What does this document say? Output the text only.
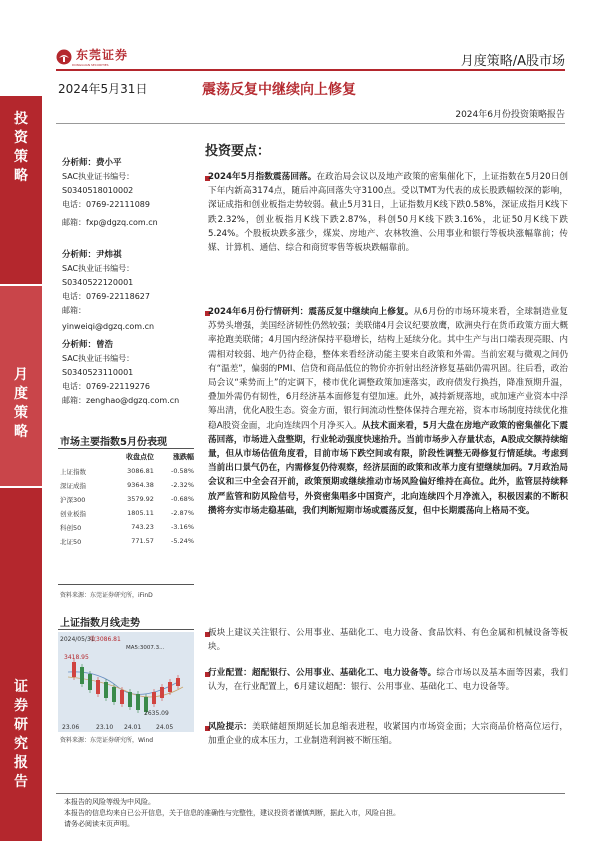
投资策略
月度策略
证券研究报告
东莞证券
DONGGUAN SECURITIES	月度策略/A股市场
2024年5月31日	震荡反复中继续向上修复
2024年6月份投资策略报告
分析师：费小平
SAC执业证书编号：
S0340518010002
电话：0769-22111089
邮箱：fxp@dgzq.com.cn
分析师：尹炜祺
SAC执业证书编号：
S0340522120001
电话：0769-22118627
邮箱：
yinweiqi@dgzq.com.cn
分析师：曾浩
SAC执业证书编号：
S0340523110001
电话：0769-22119276
邮箱：zenghao@dgzq.com.cn
市场主要指数5月份表现
	收盘点位	涨跌幅
上证指数	3086.81	-0.58%
深证成指	9364.38	-2.32%
沪深300	3579.92	-0.68%
创业板指	1805.11	-2.87%
科创50	743.23	-3.16%
北证50	771.57	-5.24%
资料来源：东莞证券研究所，iFinD
上证指数月线走势
2024/05/31
收3086.81
MA5:3007.3...
3418.95
2635.09
23.06	23.10 24.01 24.05
资料来源：东莞证券研究所，Wind
投资要点：
2024年5月指数震荡回落。在政治局会议以及地产政策的密集催化下，上证指数在5月20日创下年内新高3174点，随后冲高回落失守3100点。受以TMT为代表的成长股跌幅较深的影响，深证成指和创业板指走势较弱。截止5月31日，上证指数月K线下跌0.58%，深证成指月K线下跌2.32%，创业板指月K线下跌2.87%，科创50月K线下跌3.16%，北证50月K线下跌5.24%。个股板块跌多涨少，煤炭、房地产、农林牧渔、公用事业和银行等板块涨幅靠前；传媒、计算机、通信、综合和商贸零售等板块跌幅靠前。
2024年6月份行情研判：震荡反复中继续向上修复。从6月份的市场环境来看，全球制造业复苏势头增强，美国经济韧性仍然较强；美联储4月会议纪要放鹰，欧洲央行在货币政策方面大概率抢跑美联储；4月国内经济保持平稳增长，结构上延续分化。其中生产与出口端表现亮眼、内需相对较弱、地产仍待企稳，整体来看经济动能主要来自政策和外需。当前宏观与微观之间仍有“温差”，偏弱的PMI、信贷和商品低位的物价亦折射出经济修复基础仍需巩固。往后看，政治局会议“乘势而上”的定调下，楼市优化调整政策加速落实，政府债发行换挡，降准预期升温，叠加外需仍有韧性，6月经济基本面修复有望加速。此外，减持新规落地，或加速产业资本中浮筹出清，优化A股生态。资金方面，银行间流动性整体保持合理充裕，资本市场制度持续优化推稳A股资金面，北向连续四个月净买入。从技术面来看，5月大盘在房地产政策的密集催化下震荡回落，市场进入盘整期，行业轮动强度快速抬升。当前市场步入存量状态，A股成交额持续缩量，但从市场估值角度看，目前市场下跌空间或有限，阶段性调整无碍修复行情延续。考虑到当前出口景气仍在，内需修复仍待观察，经济层面的政策和改革力度有望继续加码。7月政治局会议和三中全会召开前，政策预期或继续推动市场风险偏好维持在高位。此外，监管层持续释放严监管和防风险信号，外资密集唱多中国资产，北向连续四个月净流入，积极因素的不断积攒将夯实市场走稳基础，我们判断短期市场或震荡反复，但中长期震荡向上格局不变。
板块上建议关注银行、公用事业、基础化工、电力设备、食品饮料、有色金属和机械设备等板块。
行业配置：超配银行、公用事业、基础化工、电力设备等。综合市场以及基本面等因素，我们认为，在行业配置上，6月建议超配：银行、公用事业、基础化工、电力设备等。
风险提示：美联储超预期延长加息缩表进程，收紧国内市场资金面；大宗商品价格高位运行，加重企业的成本压力，工业制造利润被不断压缩。
本报告的风险等级为中风险。
本报告的信息均来自已公开信息，关于信息的准确性与完整性，建议投资者谨慎判断，据此入市，风险自担。
请务必阅读末页声明。
